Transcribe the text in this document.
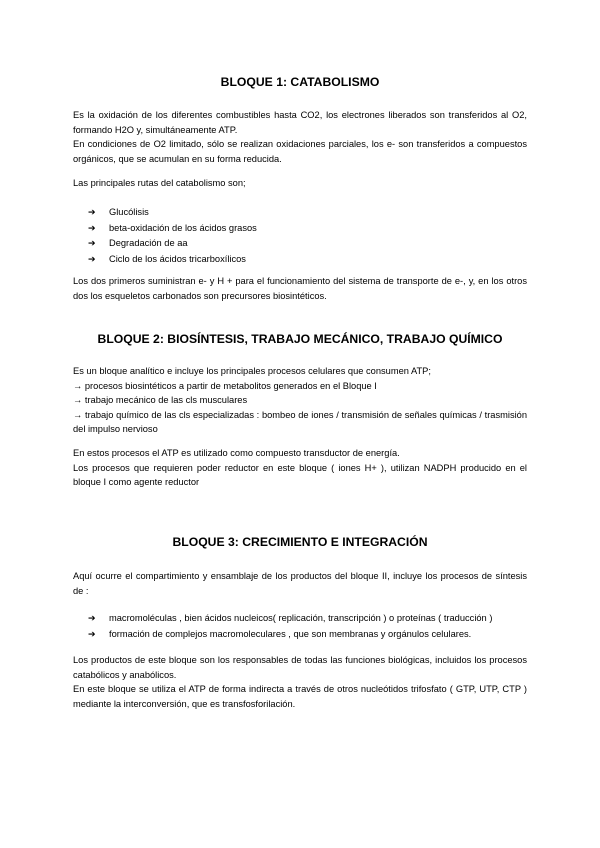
BLOQUE 1: CATABOLISMO

Es la oxidación de los diferentes combustibles hasta CO2, los electrones liberados son transferidos al O2, formando H2O y, simultáneamente ATP.

En condiciones de O2 limitado, sólo se realizan oxidaciones parciales, los e- son transferidos a compuestos orgánicos, que se acumulan en su forma reducida.

Las principales rutas del catabolismo son;

➔	Glucólisis
➔	beta-oxidación de los ácidos grasos
➔	Degradación de aa
➔	Ciclo de los ácidos tricarboxílicos

Los dos primeros suministran e- y H + para el funcionamiento del sistema de transporte de e-, y, en los otros dos los esqueletos carbonados son precursores biosintéticos.

BLOQUE 2: BIOSÍNTESIS, TRABAJO MECÁNICO, TRABAJO QUÍMICO

Es un bloque analítico e incluye los principales procesos celulares que consumen ATP;

→ procesos biosintéticos a partir de metabolitos generados en el Bloque I

→ trabajo mecánico de las cls musculares

→ trabajo químico de las cls especializadas : bombeo de iones / transmisión de señales químicas / trasmisión del impulso nervioso

En estos procesos el ATP es utilizado como compuesto transductor de energía.

Los procesos que requieren poder reductor en este bloque ( iones H+ ), utilizan NADPH producido en el bloque I como agente reductor

BLOQUE 3: CRECIMIENTO E INTEGRACIÓN

Aquí ocurre el compartimiento y ensamblaje de los productos del bloque II, incluye los procesos de síntesis de :

➔	macromoléculas , bien ácidos nucleicos( replicación, transcripción ) o proteínas ( traducción )
➔	formación de complejos macromoleculares , que son membranas y orgánulos celulares.

Los productos de este bloque son los responsables de todas las funciones biológicas, incluidos los procesos catabólicos y anabólicos.

En este bloque se utiliza el ATP de forma indirecta a través de otros nucleótidos trifosfato ( GTP, UTP, CTP ) mediante la interconversión, que es transfosforilación.
